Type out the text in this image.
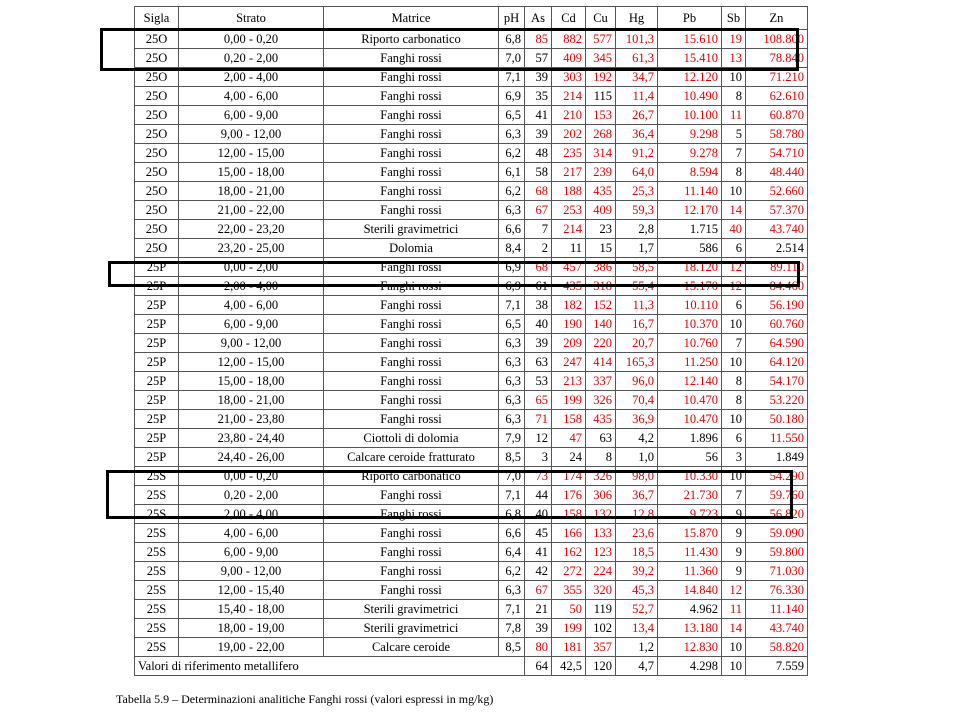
Sigla	Strato	Matrice	pH	As	Cd	Cu	Hg	Pb	Sb	Zn
25O	0,00 - 0,20	Riporto carbonatico	6,8	85	882	577	101,3	15.610	19	108.800
25O	0,20 - 2,00	Fanghi rossi	7,0	57	409	345	61,3	15.410	13	78.840
25O	2,00 - 4,00	Fanghi rossi	7,1	39	303	192	34,7	12.120	10	71.210
25O	4,00 - 6,00	Fanghi rossi	6,9	35	214	115	11,4	10.490	8	62.610
25O	6,00 - 9,00	Fanghi rossi	6,5	41	210	153	26,7	10.100	11	60.870
25O	9,00 - 12,00	Fanghi rossi	6,3	39	202	268	36,4	9.298	5	58.780
25O	12,00 - 15,00	Fanghi rossi	6,2	48	235	314	91,2	9.278	7	54.710
25O	15,00 - 18,00	Fanghi rossi	6,1	58	217	239	64,0	8.594	8	48.440
25O	18,00 - 21,00	Fanghi rossi	6,2	68	188	435	25,3	11.140	10	52.660
25O	21,00 - 22,00	Fanghi rossi	6,3	67	253	409	59,3	12.170	14	57.370
25O	22,00 - 23,20	Sterili gravimetrici	6,6	7	214	23	2,8	1.715	40	43.740
25O	23,20 - 25,00	Dolomia	8,4	2	11	15	1,7	586	6	2.514
25P	0,00 - 2,00	Fanghi rossi	6,9	68	457	386	58,5	18.120	12	89.110
25P	2,00 - 4,00	Fanghi rossi	6,9	61	435	318	55,4	15.170	12	84.460
25P	4,00 - 6,00	Fanghi rossi	7,1	38	182	152	11,3	10.110	6	56.190
25P	6,00 - 9,00	Fanghi rossi	6,5	40	190	140	16,7	10.370	10	60.760
25P	9,00 - 12,00	Fanghi rossi	6,3	39	209	220	20,7	10.760	7	64.590
25P	12,00 - 15,00	Fanghi rossi	6,3	63	247	414	165,3	11.250	10	64.120
25P	15,00 - 18,00	Fanghi rossi	6,3	53	213	337	96,0	12.140	8	54.170
25P	18,00 - 21,00	Fanghi rossi	6,3	65	199	326	70,4	10.470	8	53.220
25P	21,00 - 23,80	Fanghi rossi	6,3	71	158	435	36,9	10.470	10	50.180
25P	23,80 - 24,40	Ciottoli di dolomia	7,9	12	47	63	4,2	1.896	6	11.550
25P	24,40 - 26,00	Calcare ceroide fratturato	8,5	3	24	8	1,0	56	3	1.849
25S	0,00 - 0,20	Riporto carbonatico	7,0	73	174	326	98,0	10.330	10	54.290
25S	0,20 - 2,00	Fanghi rossi	7,1	44	176	306	36,7	21.730	7	59.760
25S	2,00 - 4,00	Fanghi rossi	6,8	40	158	132	12,8	9.723	9	56.820
25S	4,00 - 6,00	Fanghi rossi	6,6	45	166	133	23,6	15.870	9	59.090
25S	6,00 - 9,00	Fanghi rossi	6,4	41	162	123	18,5	11.430	9	59.800
25S	9,00 - 12,00	Fanghi rossi	6,2	42	272	224	39,2	11.360	9	71.030
25S	12,00 - 15,40	Fanghi rossi	6,3	67	355	320	45,3	14.840	12	76.330
25S	15,40 - 18,00	Sterili gravimetrici	7,1	21	50	119	52,7	4.962	11	11.140
25S	18,00 - 19,00	Sterili gravimetrici	7,8	39	199	102	13,4	13.180	14	43.740
25S	19,00 - 22,00	Calcare ceroide	8,5	80	181	357	1,2	12.830	10	58.820
Valori di riferimento metallifero				64	42,5	120	4,7	4.298	10	7.559
Tabella 5.9 – Determinazioni analitiche Fanghi rossi (valori espressi in mg/kg)
